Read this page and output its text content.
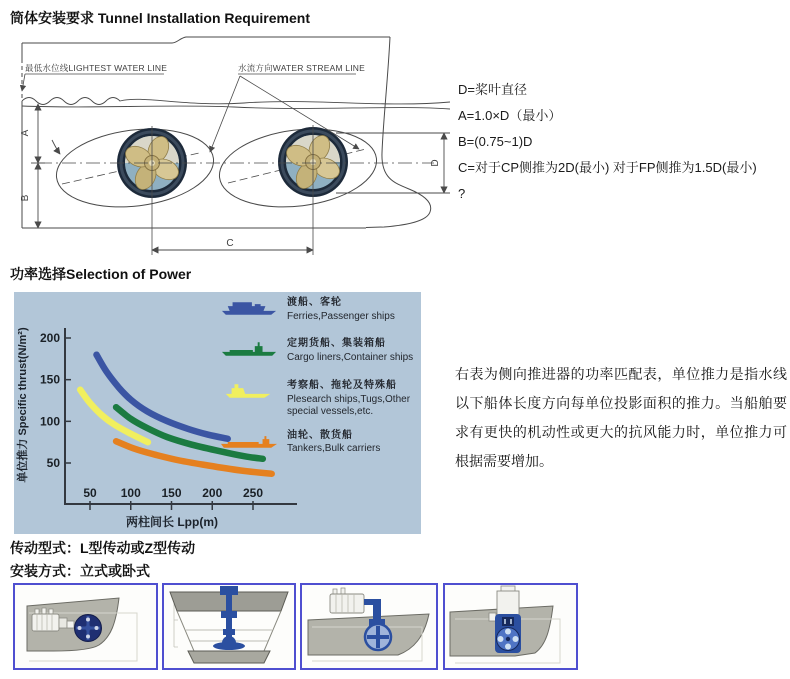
筒体安装要求 Tunnel Installation Requirement
功率选择Selection of Power
传动型式：L型传动或Z型传动
安装方式：立式或卧式
最低水位线LIGHTEST WATER LINE	水流方向WATER STREAM LINE
A
B
D
C
D=桨叶直径
A=1.0×D（最小）
B=(0.75~1)D
C=对于CP侧推为2D(最小) 对于FP侧推为1.5D(最小)
?
单位推力 Specific thrust(N/m²)
两柱间长 Lpp(m)
50
100
150
200
50 100 150 200 250
渡船、客轮
Ferries,Passenger ships
定期货船、集装箱船
Cargo liners,Container ships
考察船、拖轮及特殊船
Plesearch ships,Tugs,Other special vessels,etc.
油轮、散货船
Tankers,Bulk carriers
右表为侧向推进器的功率匹配表，单位推力是指水线以下船体长度方向每单位投影面积的推力。当船舶要求有更快的机动性或更大的抗风能力时，单位推力可根据需要增加。
